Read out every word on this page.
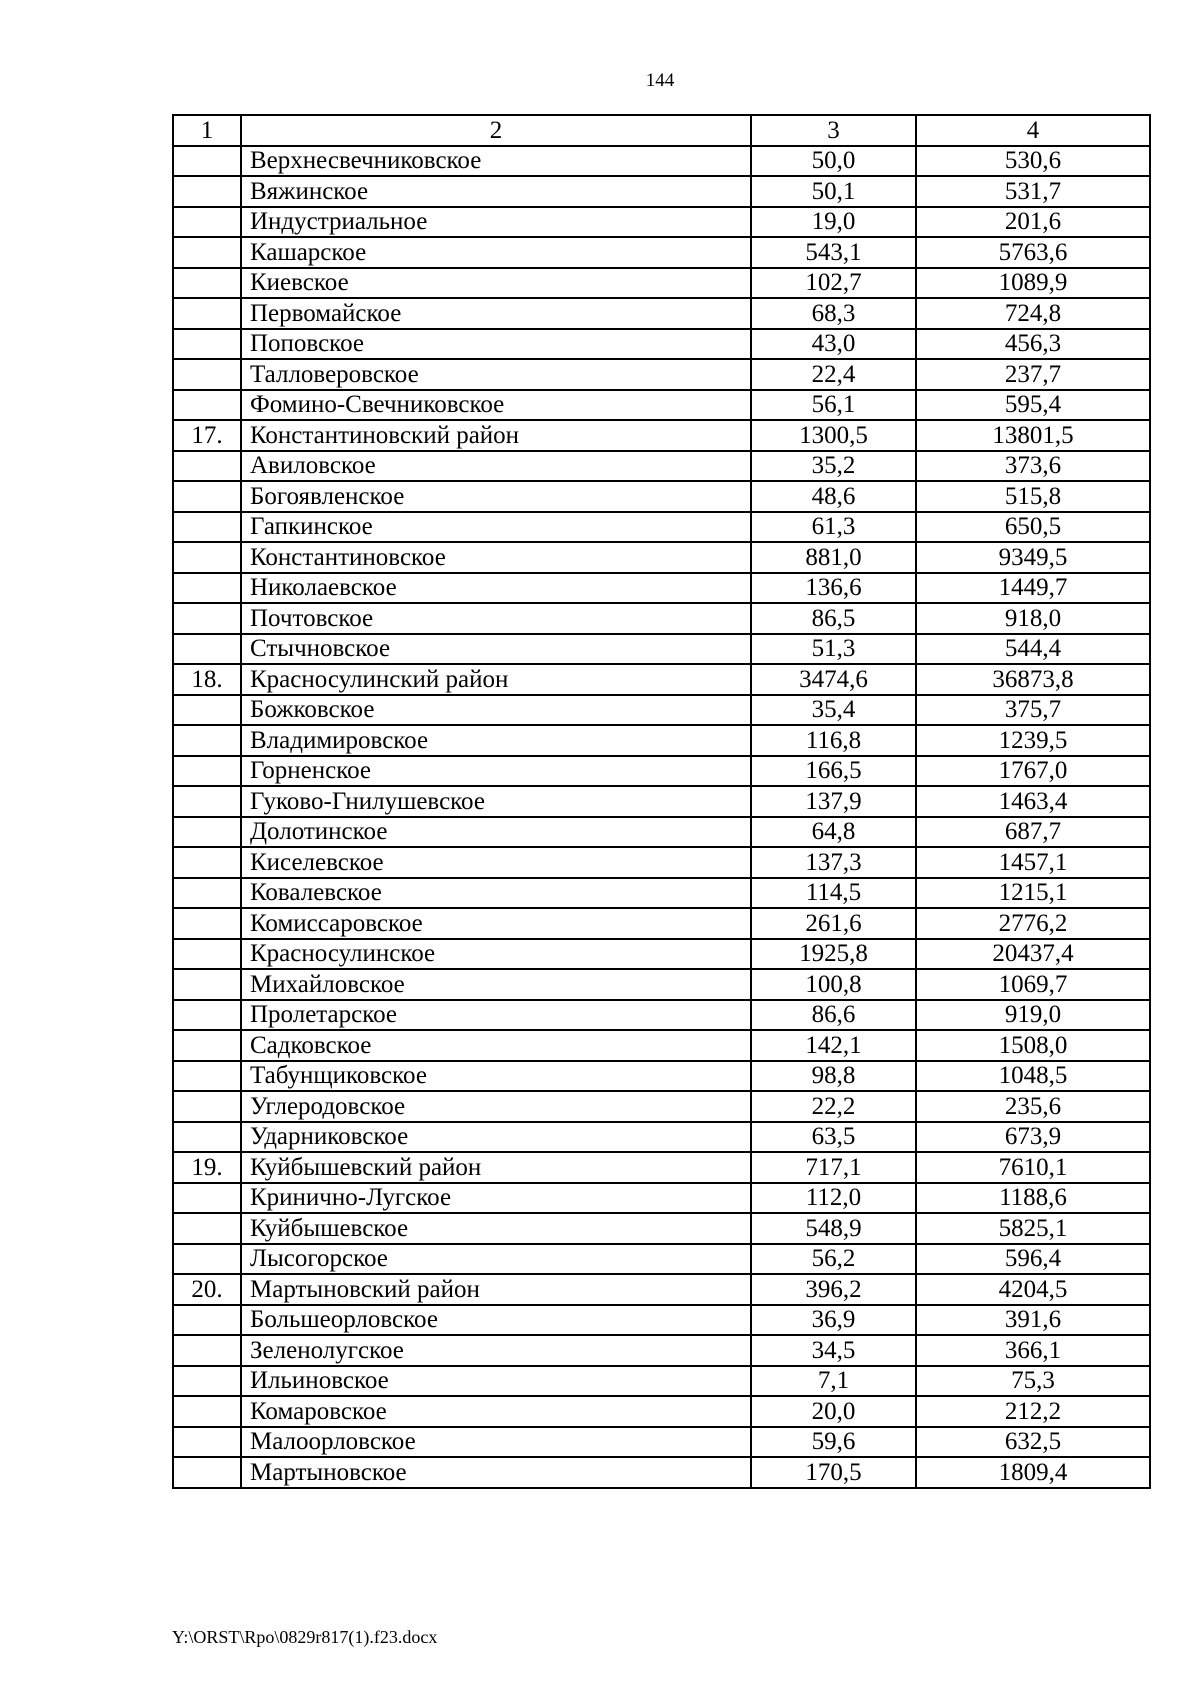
144
1	2	3	4
	Верхнесвечниковское	50,0	530,6
	Вяжинское	50,1	531,7
	Индустриальное	19,0	201,6
	Кашарское	543,1	5763,6
	Киевское	102,7	1089,9
	Первомайское	68,3	724,8
	Поповское	43,0	456,3
	Талловеровское	22,4	237,7
	Фомино-Свечниковское	56,1	595,4
17.	Константиновский район	1300,5	13801,5
	Авиловское	35,2	373,6
	Богоявленское	48,6	515,8
	Гапкинское	61,3	650,5
	Константиновское	881,0	9349,5
	Николаевское	136,6	1449,7
	Почтовское	86,5	918,0
	Стычновское	51,3	544,4
18.	Красносулинский район	3474,6	36873,8
	Божковское	35,4	375,7
	Владимировское	116,8	1239,5
	Горненское	166,5	1767,0
	Гуково-Гнилушевское	137,9	1463,4
	Долотинское	64,8	687,7
	Киселевское	137,3	1457,1
	Ковалевское	114,5	1215,1
	Комиссаровское	261,6	2776,2
	Красносулинское	1925,8	20437,4
	Михайловское	100,8	1069,7
	Пролетарское	86,6	919,0
	Садковское	142,1	1508,0
	Табунщиковское	98,8	1048,5
	Углеродовское	22,2	235,6
	Ударниковское	63,5	673,9
19.	Куйбышевский район	717,1	7610,1
	Кринично-Лугское	112,0	1188,6
	Куйбышевское	548,9	5825,1
	Лысогорское	56,2	596,4
20.	Мартыновский район	396,2	4204,5
	Большеорловское	36,9	391,6
	Зеленолугское	34,5	366,1
	Ильиновское	7,1	75,3
	Комаровское	20,0	212,2
	Малоорловское	59,6	632,5
	Мартыновское	170,5	1809,4
Y:\ORST\Rpo\0829r817(1).f23.docx
